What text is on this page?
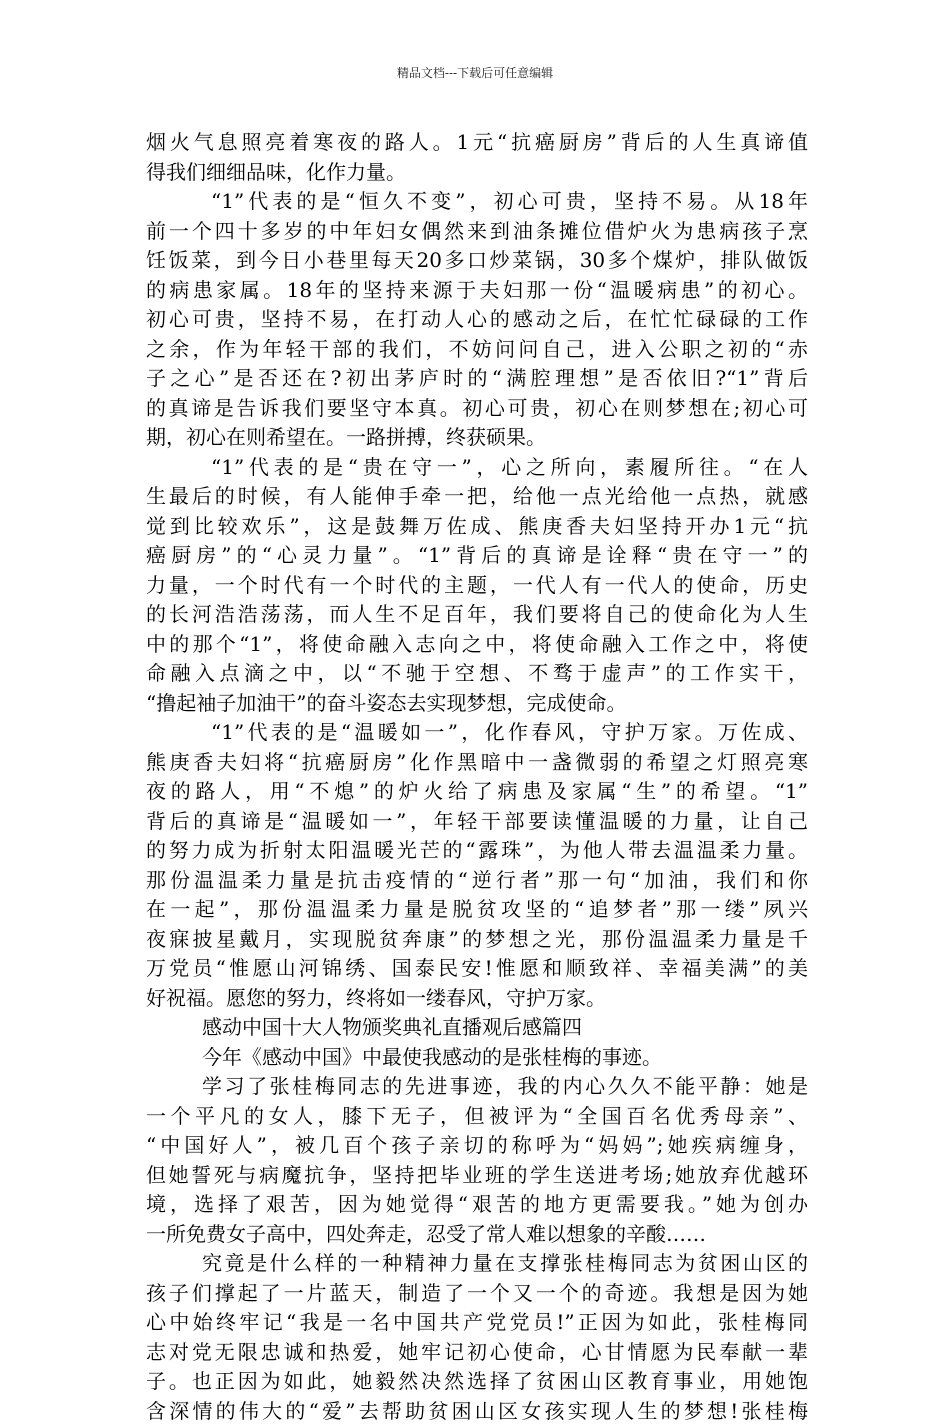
精品文档---下载后可任意编辑
烟火气息照亮着寒夜的路人。1元“抗癌厨房”背后的人生真谛值
得我们细细品味，化作力量。
“1”代表的是“恒久不变”，初心可贵，坚持不易。从18年
前一个四十多岁的中年妇女偶然来到油条摊位借炉火为患病孩子烹
饪饭菜，到今日小巷里每天20多口炒菜锅，30多个煤炉，排队做饭
的病患家属。18年的坚持来源于夫妇那一份“温暖病患”的初心。
初心可贵，坚持不易，在打动人心的感动之后，在忙忙碌碌的工作
之余，作为年轻干部的我们，不妨问问自己，进入公职之初的“赤
子之心”是否还在?初出茅庐时的“满腔理想”是否依旧?“1”背后
的真谛是告诉我们要坚守本真。初心可贵，初心在则梦想在;初心可
期，初心在则希望在。一路拼搏，终获硕果。
“1”代表的是“贵在守一”，心之所向，素履所往。“在人
生最后的时候，有人能伸手牵一把，给他一点光给他一点热，就感
觉到比较欢乐”，这是鼓舞万佐成、熊庚香夫妇坚持开办1元“抗
癌厨房”的“心灵力量”。“1”背后的真谛是诠释“贵在守一”的
力量，一个时代有一个时代的主题，一代人有一代人的使命，历史
的长河浩浩荡荡，而人生不足百年，我们要将自己的使命化为人生
中的那个“1”，将使命融入志向之中，将使命融入工作之中，将使
命融入点滴之中，以“不驰于空想、不骛于虚声”的工作实干，
“撸起袖子加油干”的奋斗姿态去实现梦想，完成使命。
“1”代表的是“温暖如一”，化作春风，守护万家。万佐成、
熊庚香夫妇将“抗癌厨房”化作黑暗中一盏微弱的希望之灯照亮寒
夜的路人，用“不熄”的炉火给了病患及家属“生”的希望。“1”
背后的真谛是“温暖如一”，年轻干部要读懂温暖的力量，让自己
的努力成为折射太阳温暖光芒的“露珠”，为他人带去温温柔力量。
那份温温柔力量是抗击疫情的“逆行者”那一句“加油，我们和你
在一起”，那份温温柔力量是脱贫攻坚的“追梦者”那一缕”夙兴
夜寐披星戴月，实现脱贫奔康”的梦想之光，那份温温柔力量是千
万党员“惟愿山河锦绣、国泰民安!惟愿和顺致祥、幸福美满”的美
好祝福。愿您的努力，终将如一缕春风，守护万家。
感动中国十大人物颁奖典礼直播观后感篇四
今年《感动中国》中最使我感动的是张桂梅的事迹。
学习了张桂梅同志的先进事迹，我的内心久久不能平静：她是
一个平凡的女人，膝下无子，但被评为“全国百名优秀母亲”、
“中国好人”，被几百个孩子亲切的称呼为“妈妈”;她疾病缠身，
但她誓死与病魔抗争，坚持把毕业班的学生送进考场;她放弃优越环
境，选择了艰苦，因为她觉得“艰苦的地方更需要我。”她为创办
一所免费女子高中，四处奔走，忍受了常人难以想象的辛酸……
究竟是什么样的一种精神力量在支撑张桂梅同志为贫困山区的
孩子们撑起了一片蓝天，制造了一个又一个的奇迹。我想是因为她
心中始终牢记“我是一名中国共产党党员!”正因为如此，张桂梅同
志对党无限忠诚和热爱，她牢记初心使命，心甘情愿为民奉献一辈
子。也正因为如此，她毅然决然选择了贫困山区教育事业，用她饱
含深情的伟大的“爱”去帮助贫困山区女孩实现人生的梦想!张桂梅
